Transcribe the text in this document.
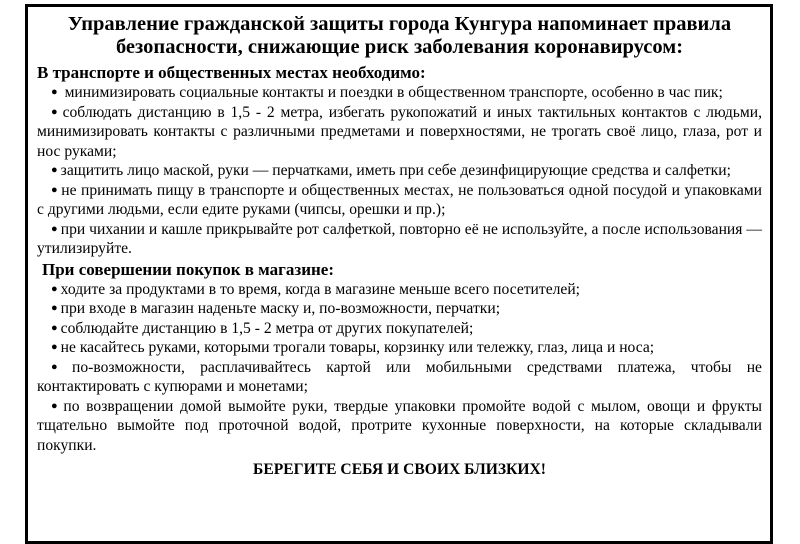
Управление гражданской защиты города Кунгура напоминает правила
безопасности, снижающие риск заболевания коронавирусом:
В транспорте и общественных местах необходимо:

● минимизировать социальные контакты и поездки в общественном транспорте, особенно в час пик;

● соблюдать дистанцию в 1,5 - 2 метра, избегать рукопожатий и иных тактильных контактов с людьми, минимизировать контакты с различными предметами и поверхностями, не трогать своё лицо, глаза, рот и нос руками;

● защитить лицо маской, руки — перчатками, иметь при себе дезинфицирующие средства и салфетки;

● не принимать пищу в транспорте и общественных местах, не пользоваться одной посудой и упаковками с другими людьми, если едите руками (чипсы, орешки и пр.);

● при чихании и кашле прикрывайте рот салфеткой, повторно её не используйте, а после использования — утилизируйте.

При совершении покупок в магазине:

● ходите за продуктами в то время, когда в магазине меньше всего посетителей;

● при входе в магазин наденьте маску и, по-возможности, перчатки;

● соблюдайте дистанцию в 1,5 - 2 метра от других покупателей;

● не касайтесь руками, которыми трогали товары, корзинку или тележку, глаз, лица и носа;

● по-возможности, расплачивайтесь картой или мобильными средствами платежа, чтобы не контактировать с купюрами и монетами;

● по возвращении домой вымойте руки, твердые упаковки промойте водой с мылом, овощи и фрукты тщательно вымойте под проточной водой, протрите кухонные поверхности, на которые складывали покупки.

БЕРЕГИТЕ СЕБЯ И СВОИХ БЛИЗКИХ!
